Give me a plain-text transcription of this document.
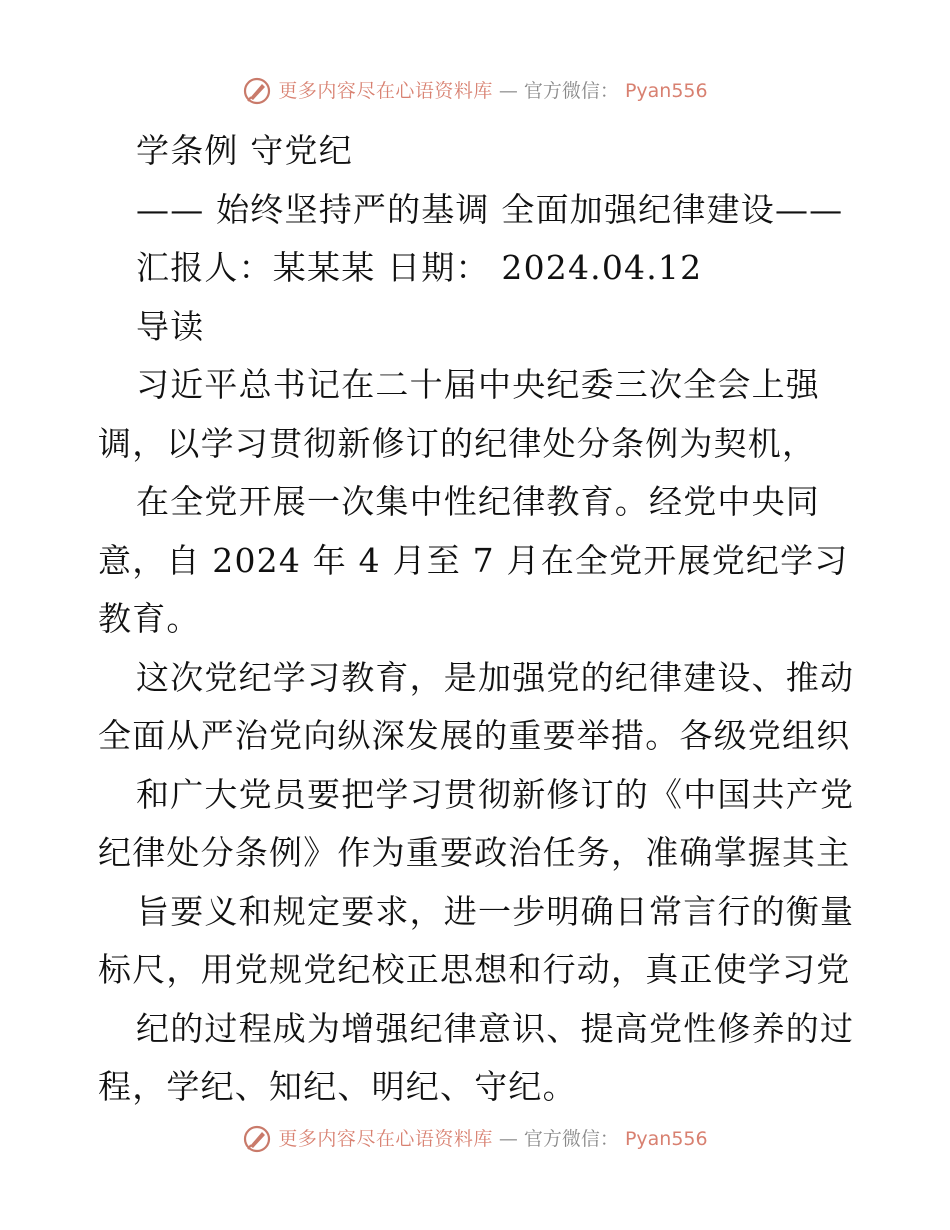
更多内容尽在心语资料库 — 官方微信： Pyan556
学条例 守党纪
—— 始终坚持严的基调 全面加强纪律建设——
汇报人：某某某 日期： 2024.04.12
导读
习近平总书记在二十届中央纪委三次全会上强
调，以学习贯彻新修订的纪律处分条例为契机，
在全党开展一次集中性纪律教育。经党中央同
意，自 2024 年 4 月至 7 月在全党开展党纪学习
教育。
这次党纪学习教育，是加强党的纪律建设、推动
全面从严治党向纵深发展的重要举措。各级党组织
和广大党员要把学习贯彻新修订的《中国共产党
纪律处分条例》作为重要政治任务，准确掌握其主
旨要义和规定要求，进一步明确日常言行的衡量
标尺，用党规党纪校正思想和行动，真正使学习党
纪的过程成为增强纪律意识、提高党性修养的过
程，学纪、知纪、明纪、守纪。
更多内容尽在心语资料库 — 官方微信： Pyan556
